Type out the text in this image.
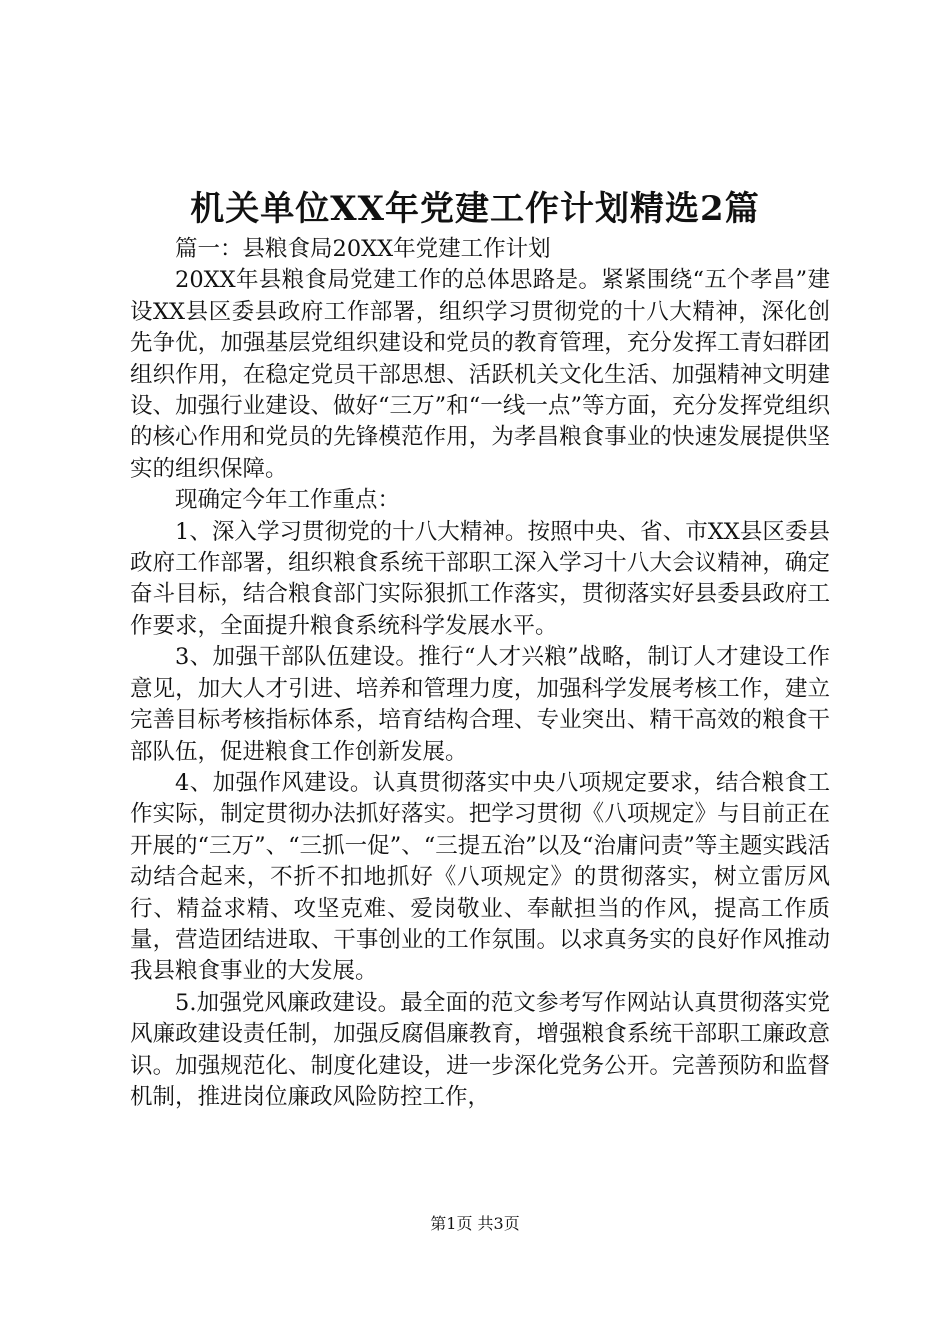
机关单位XX年党建工作计划精选2篇

篇一：县粮食局20XX年党建工作计划

20XX年县粮食局党建工作的总体思路是。紧紧围绕“五个孝昌”建设XX县区委县政府工作部署，组织学习贯彻党的十八大精神，深化创先争优，加强基层党组织建设和党员的教育管理，充分发挥工青妇群团组织作用，在稳定党员干部思想、活跃机关文化生活、加强精神文明建设、加强行业建设、做好“三万”和“一线一点”等方面，充分发挥党组织的核心作用和党员的先锋模范作用，为孝昌粮食事业的快速发展提供坚实的组织保障。

现确定今年工作重点：

1、深入学习贯彻党的十八大精神。按照中央、省、市XX县区委县政府工作部署，组织粮食系统干部职工深入学习十八大会议精神，确定奋斗目标，结合粮食部门实际狠抓工作落实，贯彻落实好县委县政府工作要求，全面提升粮食系统科学发展水平。

3、加强干部队伍建设。推行“人才兴粮”战略，制订人才建设工作意见，加大人才引进、培养和管理力度，加强科学发展考核工作，建立完善目标考核指标体系，培育结构合理、专业突出、精干高效的粮食干部队伍，促进粮食工作创新发展。

4、加强作风建设。认真贯彻落实中央八项规定要求，结合粮食工作实际，制定贯彻办法抓好落实。把学习贯彻《八项规定》与目前正在开展的“三万”、“三抓一促”、“三提五治”以及“治庸问责”等主题实践活动结合起来，不折不扣地抓好《八项规定》的贯彻落实，树立雷厉风行、精益求精、攻坚克难、爱岗敬业、奉献担当的作风，提高工作质量，营造团结进取、干事创业的工作氛围。以求真务实的良好作风推动我县粮食事业的大发展。

5.加强党风廉政建设。最全面的范文参考写作网站认真贯彻落实党风廉政建设责任制，加强反腐倡廉教育，增强粮食系统干部职工廉政意识。加强规范化、制度化建设，进一步深化党务公开。完善预防和监督机制，推进岗位廉政风险防控工作，

第1页 共3页
